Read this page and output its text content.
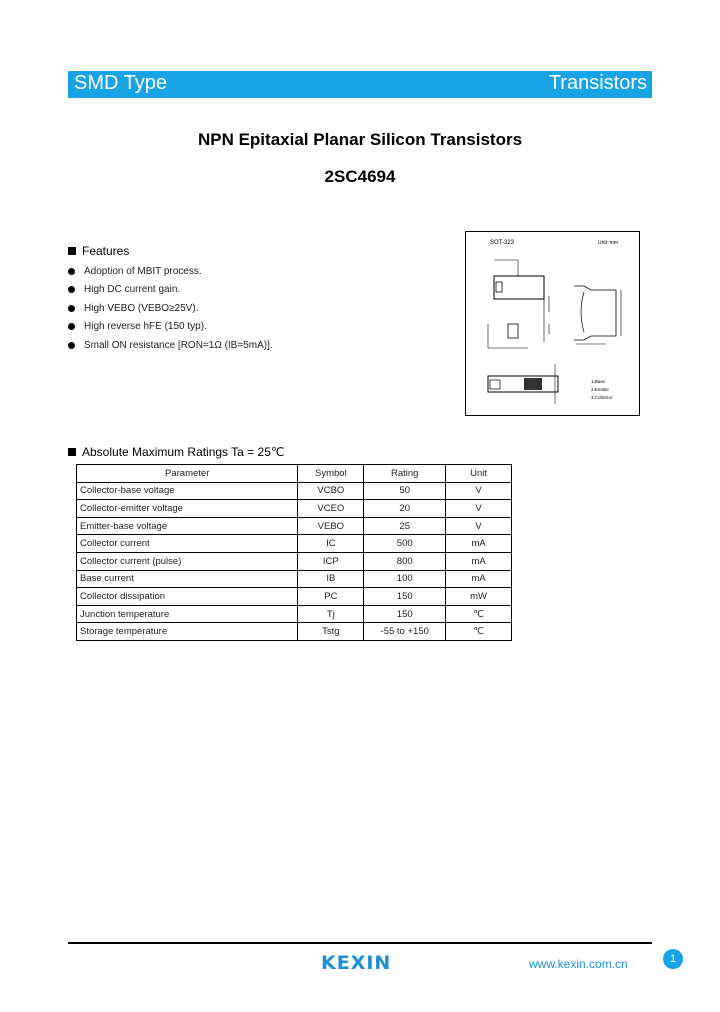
SMD Type	Transistors
NPN Epitaxial Planar Silicon Transistors
2SC4694
Features
Adoption of MBIT process.
High DC current gain.
High VEBO (VEBO≥25V).
High reverse hFE (150 typ).
Small ON resistance [RON=1Ω (IB=5mA)].
SOT-323	Unit: mm
1.Base
2.Emitter
3.Collector
Absolute Maximum Ratings Ta = 25℃
Parameter	Symbol	Rating	Unit
Collector-base voltage	VCBO	50	V
Collector-emitter voltage	VCEO	20	V
Emitter-base voltage	VEBO	25	V
Collector current	IC	500	mA
Collector current (pulse)	ICP	800	mA
Base current	IB	100	mA
Collector dissipation	PC	150	mW
Junction temperature	Tj	150	℃
Storage temperature	Tstg	-55 to +150	℃
KEXIN	www.kexin.com.cn	1
